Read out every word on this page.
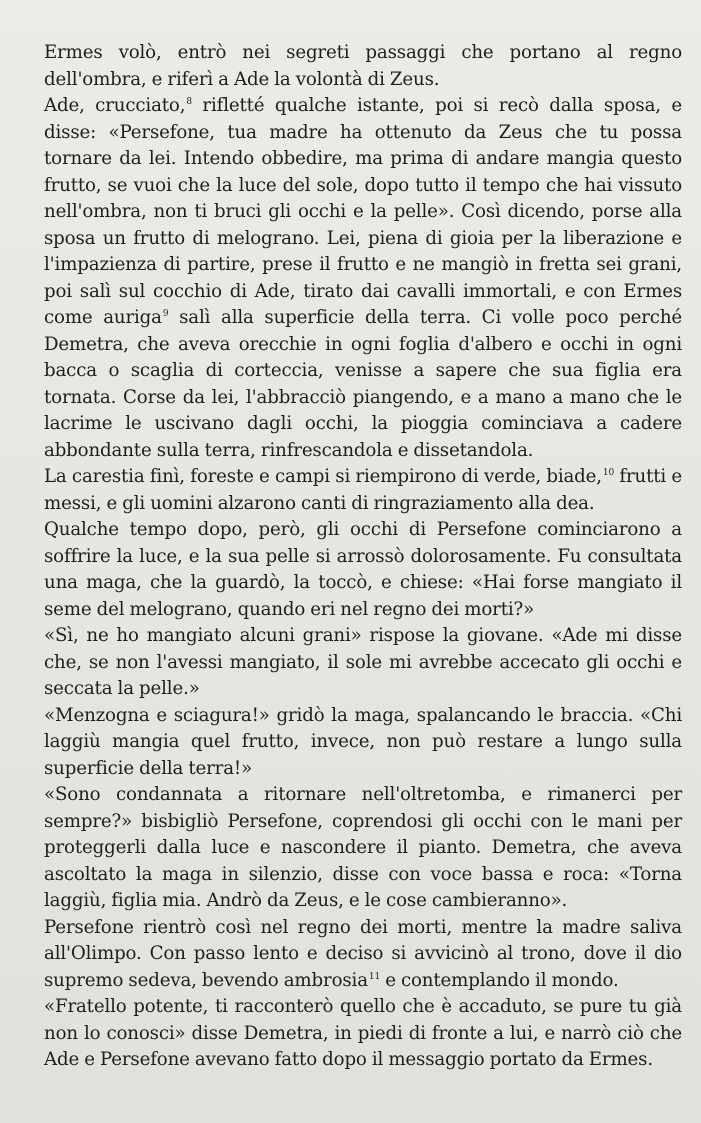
Ermes volò, entrò nei segreti passaggi che portano al regno dell'ombra, e riferì a Ade la volontà di Zeus.

Ade, crucciato,$^8$ rifletté qualche istante, poi si recò dalla sposa, e disse: «Persefone, tua madre ha ottenuto da Zeus che tu possa tornare da lei. Intendo obbedire, ma prima di andare mangia questo frutto, se vuoi che la luce del sole, dopo tutto il tempo che hai vissuto nell'ombra, non ti bruci gli occhi e la pelle». Così dicendo, porse alla sposa un frutto di melograno. Lei, piena di gioia per la liberazione e l'impazienza di partire, prese il frutto e ne mangiò in fretta sei grani, poi salì sul cocchio di Ade, tirato dai cavalli immortali, e con Ermes come auriga$^9$ salì alla superficie della terra. Ci volle poco perché Demetra, che aveva orecchie in ogni foglia d'albero e occhi in ogni bacca o scaglia di corteccia, venisse a sapere che sua figlia era tornata. Corse da lei, l'abbracciò piangendo, e a mano a mano che le lacrime le uscivano dagli occhi, la pioggia cominciava a cadere abbondante sulla terra, rinfrescandola e dissetandola.

La carestia finì, foreste e campi si riempirono di verde, biade,$^{10}$ frutti e messi, e gli uomini alzarono canti di ringraziamento alla dea.

Qualche tempo dopo, però, gli occhi di Persefone cominciarono a soffrire la luce, e la sua pelle si arrossò dolorosamente. Fu consultata una maga, che la guardò, la toccò, e chiese: «Hai forse mangiato il seme del melograno, quando eri nel regno dei morti?»

«Sì, ne ho mangiato alcuni grani» rispose la giovane. «Ade mi disse che, se non l'avessi mangiato, il sole mi avrebbe accecato gli occhi e seccata la pelle.»

«Menzogna e sciagura!» gridò la maga, spalancando le braccia. «Chi laggiù mangia quel frutto, invece, non può restare a lungo sulla superficie della terra!»

«Sono condannata a ritornare nell'oltretomba, e rimanerci per sempre?» bisbigliò Persefone, coprendosi gli occhi con le mani per proteggerli dalla luce e nascondere il pianto. Demetra, che aveva ascoltato la maga in silenzio, disse con voce bassa e roca: «Torna laggiù, figlia mia. Andrò da Zeus, e le cose cambieranno».

Persefone rientrò così nel regno dei morti, mentre la madre saliva all'Olimpo. Con passo lento e deciso si avvicinò al trono, dove il dio supremo sedeva, bevendo ambrosia$^{11}$ e contemplando il mondo.

«Fratello potente, ti racconterò quello che è accaduto, se pure tu già non lo conosci» disse Demetra, in piedi di fronte a lui, e narrò ciò che Ade e Persefone avevano fatto dopo il messaggio portato da Ermes.
